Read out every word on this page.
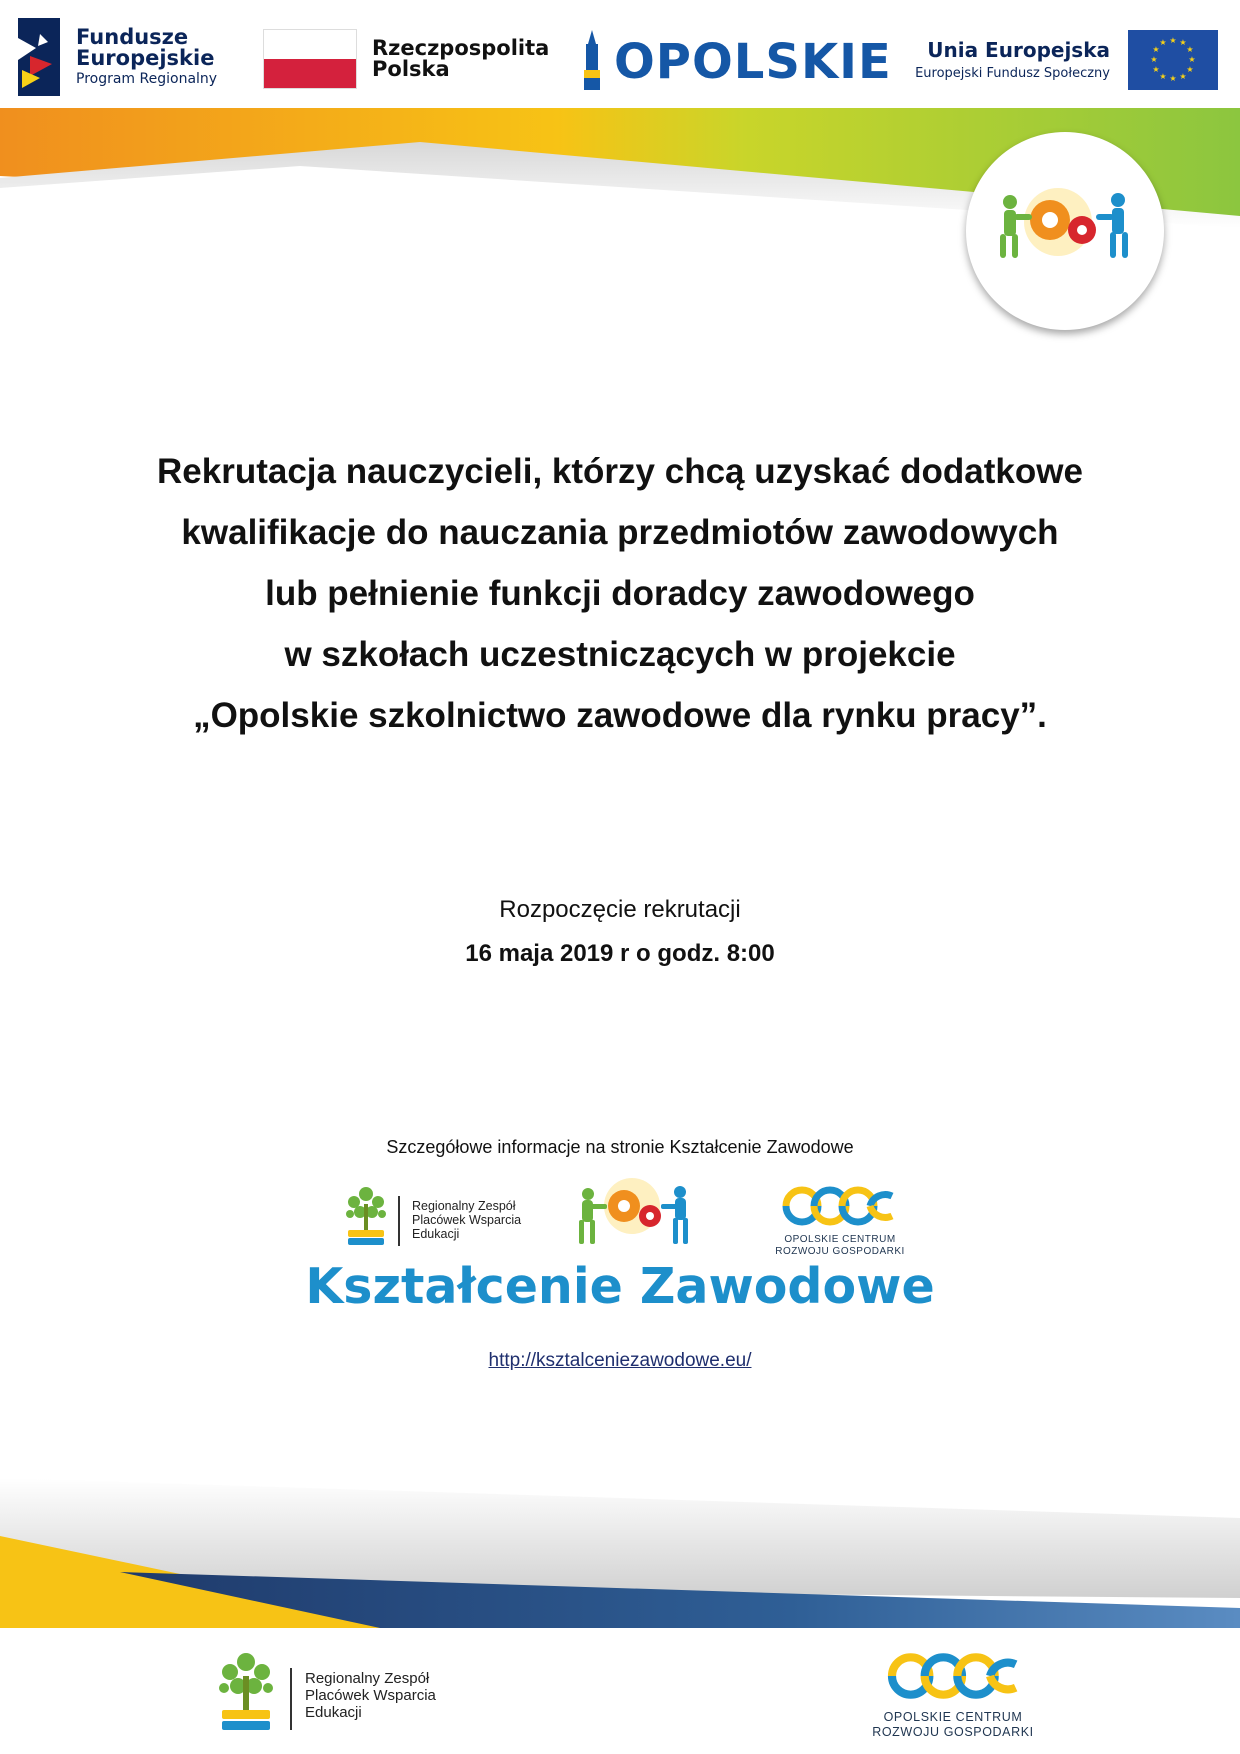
Fundusze
Europejskie
Program Regionalny
Rzeczpospolita
Polska	OPOLSKIE	Unia Europejska
Europejski Fundusz Społeczny
★ ★
★
★
★
★
★
★
★
★
★
★
Rekrutacja nauczycieli, którzy chcą uzyskać dodatkowe
kwalifikacje do nauczania przedmiotów zawodowych
lub pełnienie funkcji doradcy zawodowego
w szkołach uczestniczących w projekcie
„Opolskie szkolnictwo zawodowe dla rynku pracy”.
Rozpoczęcie rekrutacji
16 maja 2019 r o godz. 8:00
Szczegółowe informacje na stronie Kształcenie Zawodowe
Regionalny Zespół
Placówek Wsparcia
Edukacji	OPOLSKIE CENTRUM
ROZWOJU GOSPODARKI
Kształcenie Zawodowe
http://ksztalceniezawodowe.eu/
Regionalny Zespół
Placówek Wsparcia
Edukacji	OPOLSKIE CENTRUM
ROZWOJU GOSPODARKI
